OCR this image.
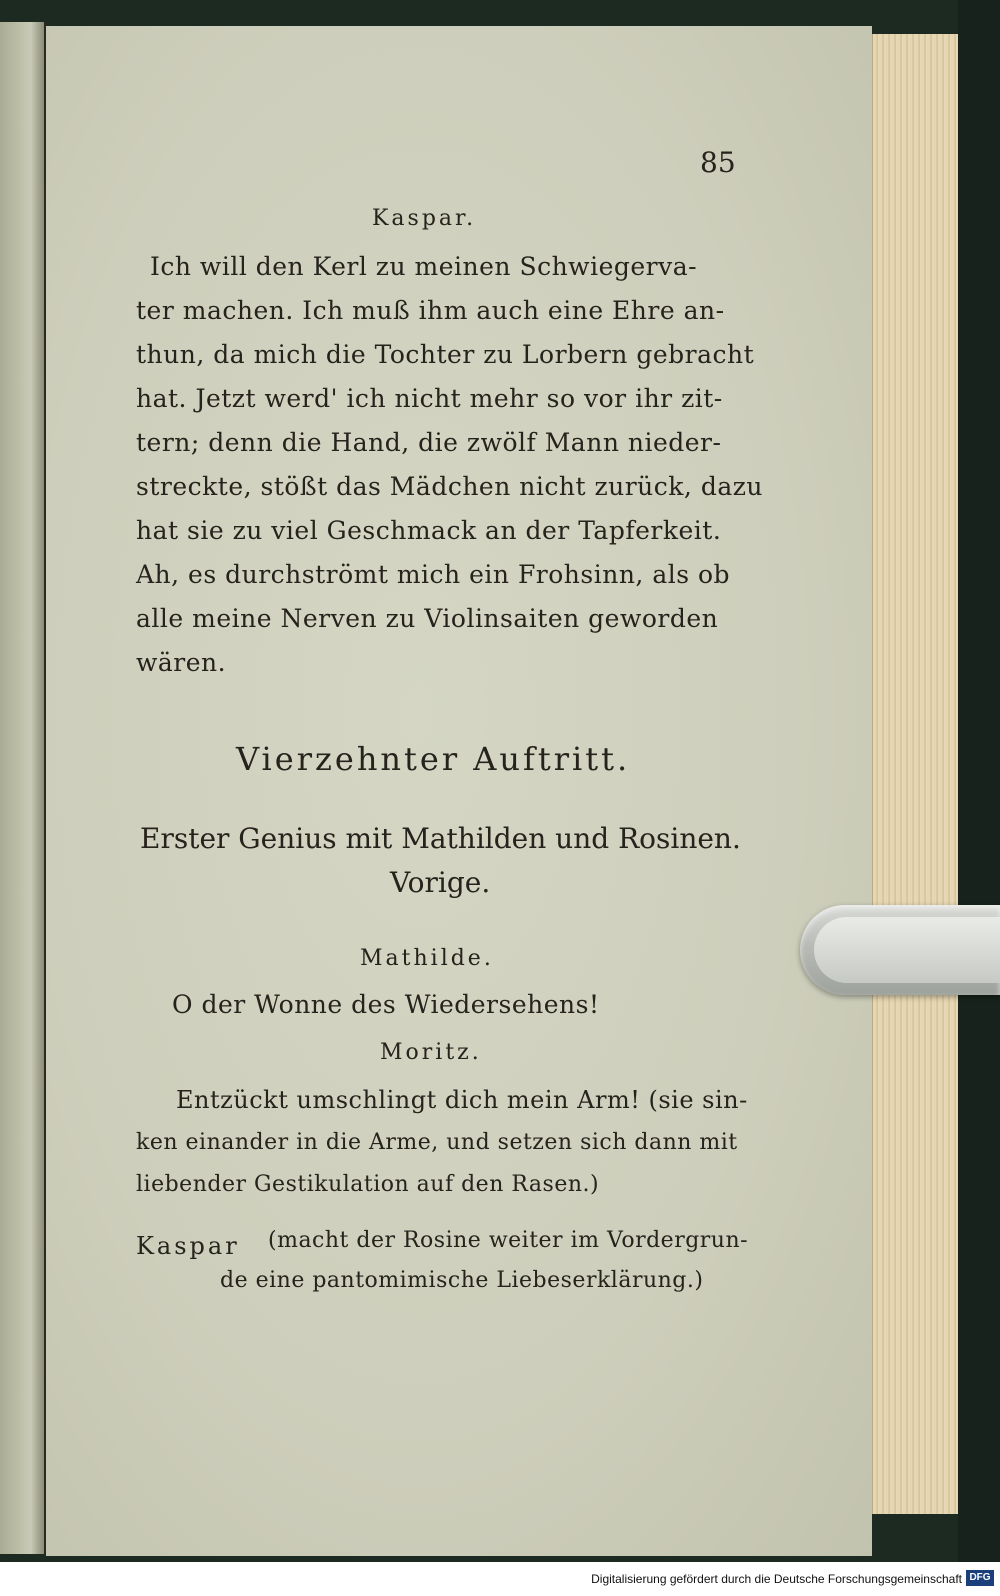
85
Kaspar.
Ich will den Kerl zu meinen Schwiegerva-
ter machen. Ich muß ihm auch eine Ehre an-
thun, da mich die Tochter zu Lorbern gebracht
hat. Jetzt werd' ich nicht mehr so vor ihr zit-
tern; denn die Hand, die zwölf Mann nieder-
streckte, stößt das Mädchen nicht zurück, dazu
hat sie zu viel Geschmack an der Tapferkeit.
Ah, es durchströmt mich ein Frohsinn, als ob
alle meine Nerven zu Violinsaiten geworden
wären.
Vierzehnter Auftritt.
Erster Genius mit Mathilden und Rosinen.
Vorige.
Mathilde.
O der Wonne des Wiedersehens!
Moritz.
Entzückt umschlingt dich mein Arm! (sie sin-
ken einander in die Arme, und setzen sich dann mit
liebender Gestikulation auf den Rasen.)
Kaspar (macht der Rosine weiter im Vordergrun-
de eine pantomimische Liebeserklärung.)
Digitalisierung gefördert durch die Deutsche Forschungsgemeinschaft DFG
